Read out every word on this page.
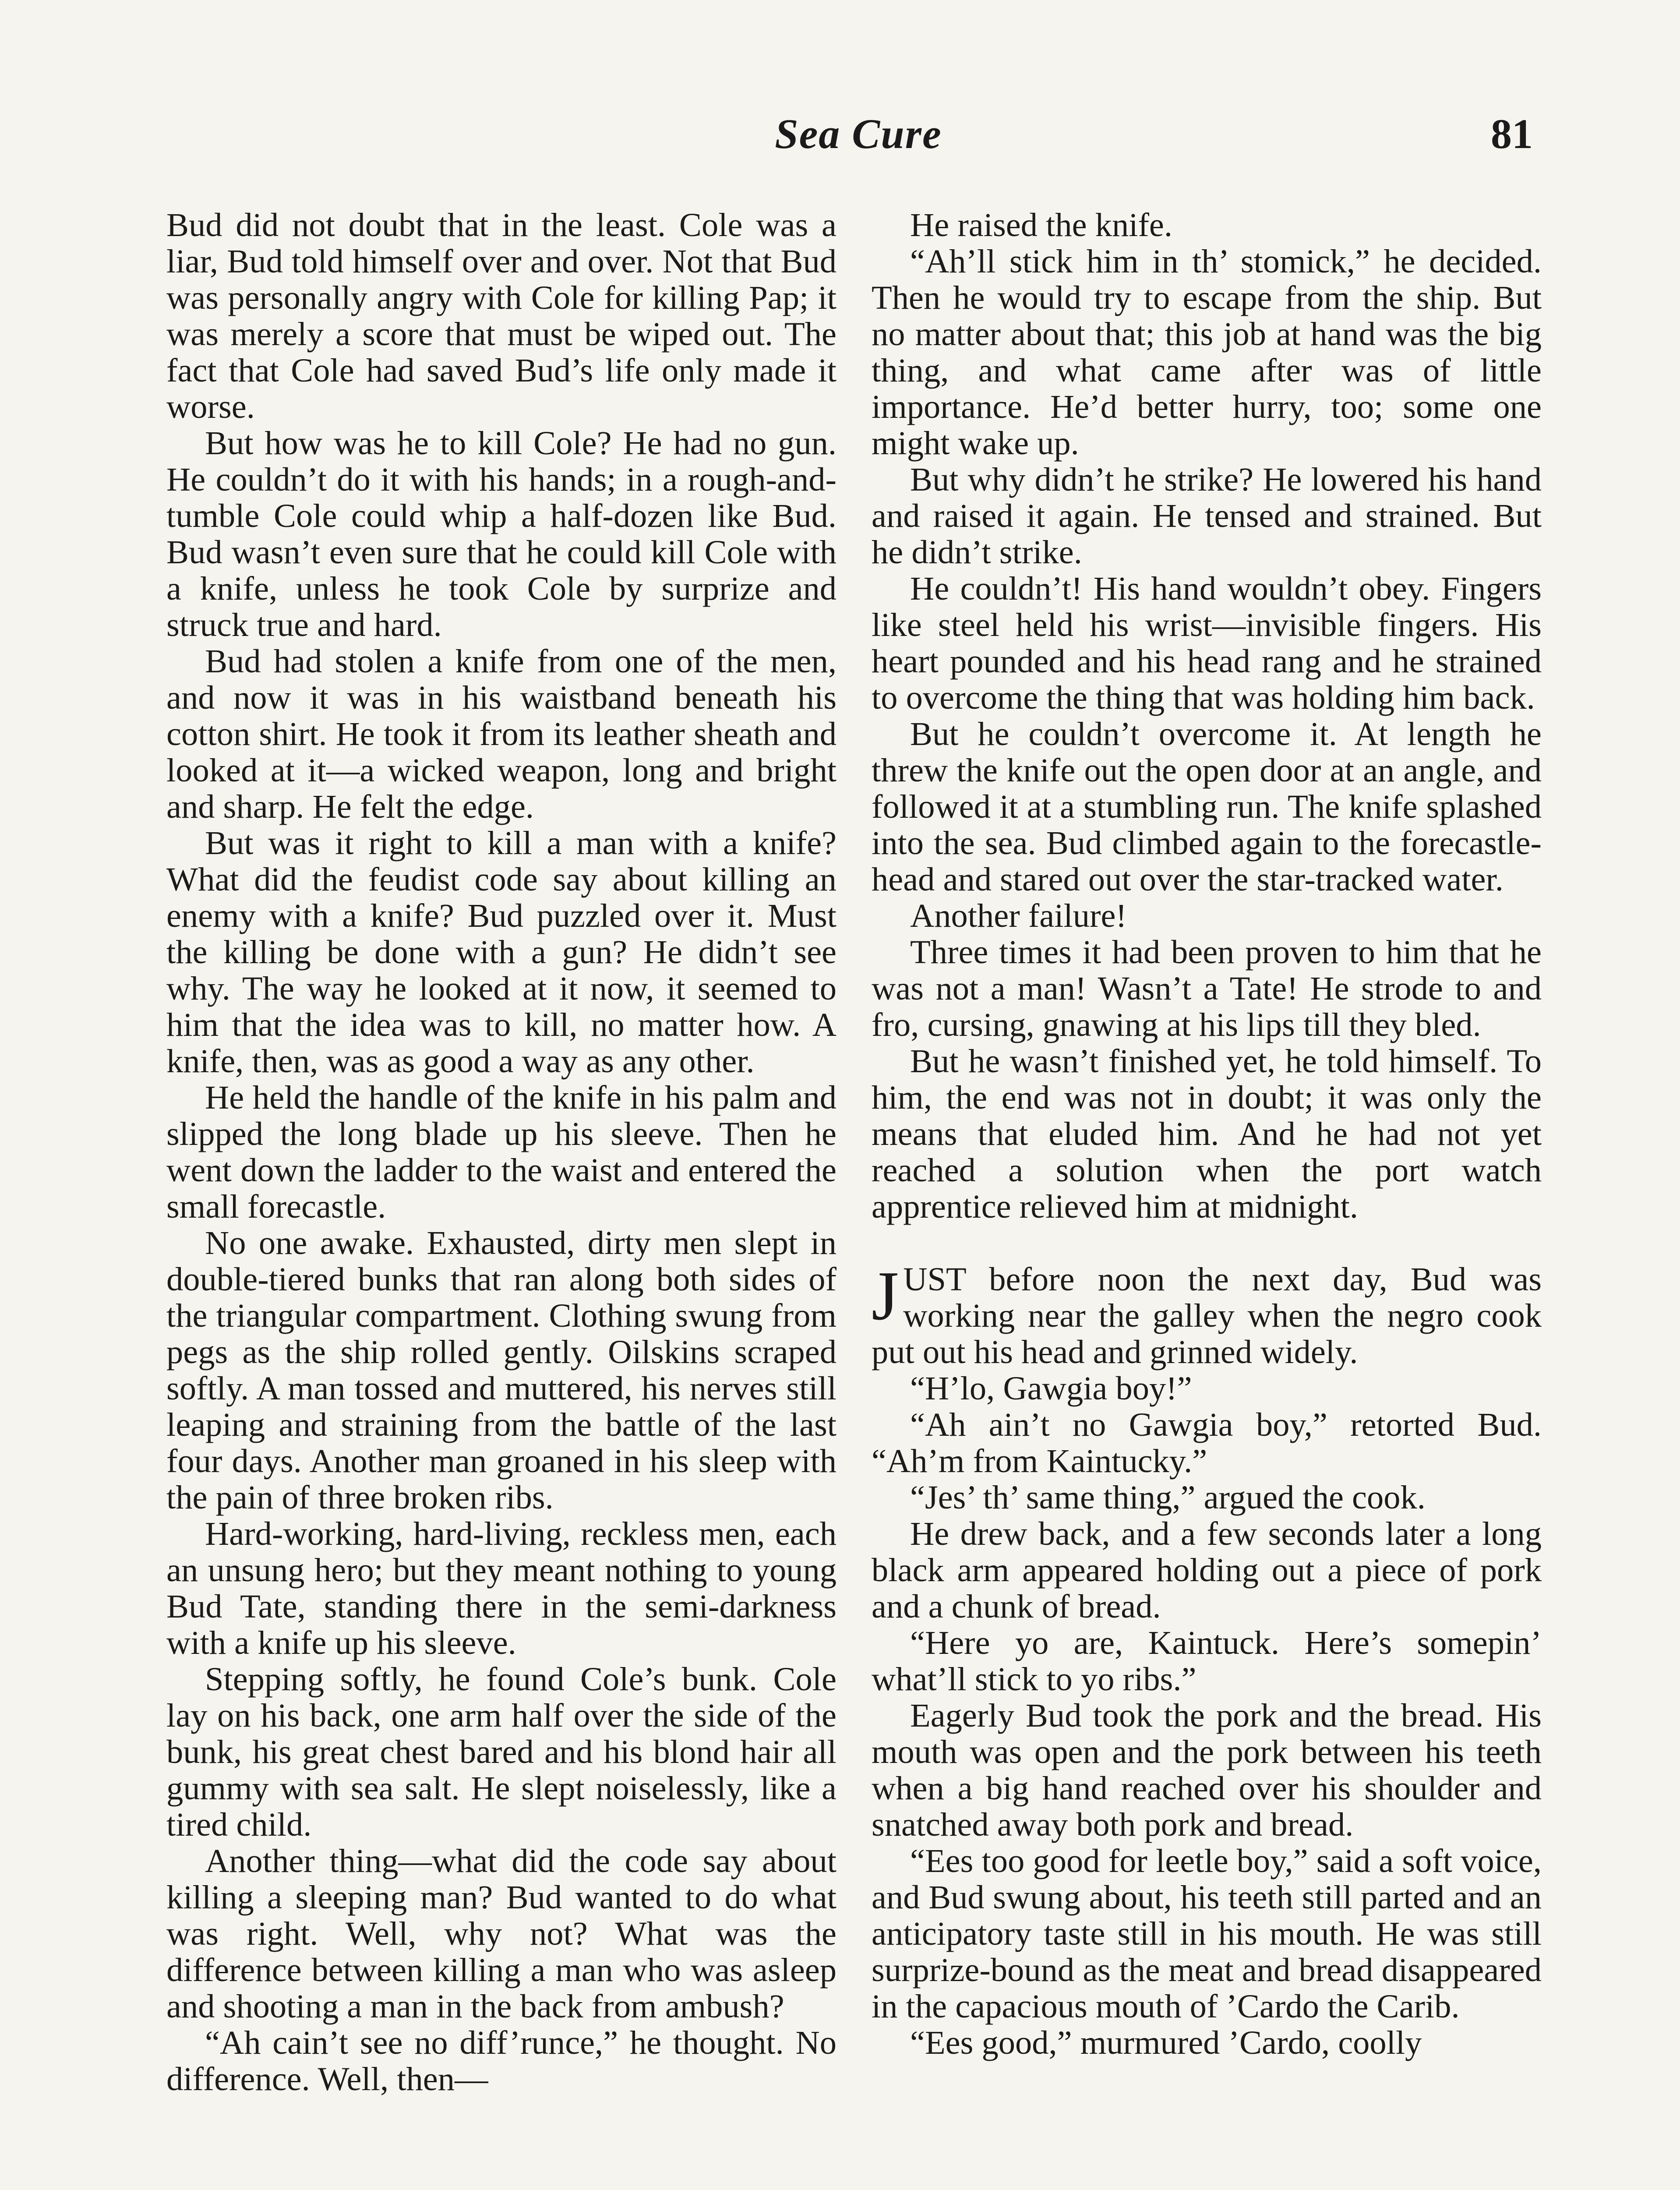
Sea Cure	81

Bud did not doubt that in the least. Cole was a liar, Bud told himself over and over. Not that Bud was personally angry with Cole for killing Pap; it was merely a score that must be wiped out. The fact that Cole had saved Bud’s life only made it worse.

But how was he to kill Cole? He had no gun. He couldn’t do it with his hands; in a rough-and-tumble Cole could whip a half-dozen like Bud. Bud wasn’t even sure that he could kill Cole with a knife, unless he took Cole by surprize and struck true and hard.

Bud had stolen a knife from one of the men, and now it was in his waistband beneath his cotton shirt. He took it from its leather sheath and looked at it—a wicked weapon, long and bright and sharp. He felt the edge.

But was it right to kill a man with a knife? What did the feudist code say about killing an enemy with a knife? Bud puzzled over it. Must the killing be done with a gun? He didn’t see why. The way he looked at it now, it seemed to him that the idea was to kill, no matter how. A knife, then, was as good a way as any other.

He held the handle of the knife in his palm and slipped the long blade up his sleeve. Then he went down the ladder to the waist and entered the small forecastle.

No one awake. Exhausted, dirty men slept in double-tiered bunks that ran along both sides of the triangular compartment. Clothing swung from pegs as the ship rolled gently. Oilskins scraped softly. A man tossed and muttered, his nerves still leaping and straining from the battle of the last four days. Another man groaned in his sleep with the pain of three broken ribs.

Hard-working, hard-living, reckless men, each an unsung hero; but they meant nothing to young Bud Tate, standing there in the semi-darkness with a knife up his sleeve.

Stepping softly, he found Cole’s bunk. Cole lay on his back, one arm half over the side of the bunk, his great chest bared and his blond hair all gummy with sea salt. He slept noiselessly, like a tired child.

Another thing—what did the code say about killing a sleeping man? Bud wanted to do what was right. Well, why not? What was the difference between killing a man who was asleep and shooting a man in the back from ambush?

“Ah cain’t see no diff’runce,” he thought. No difference. Well, then—

He raised the knife.

“Ah’ll stick him in th’ stomick,” he decided. Then he would try to escape from the ship. But no matter about that; this job at hand was the big thing, and what came after was of little importance. He’d better hurry, too; some one might wake up.

But why didn’t he strike? He lowered his hand and raised it again. He tensed and strained. But he didn’t strike.

He couldn’t! His hand wouldn’t obey. Fingers like steel held his wrist—invisible fingers. His heart pounded and his head rang and he strained to overcome the thing that was holding him back.

But he couldn’t overcome it. At length he threw the knife out the open door at an angle, and followed it at a stumbling run. The knife splashed into the sea. Bud climbed again to the forecastle-head and stared out over the star-tracked water.

Another failure!

Three times it had been proven to him that he was not a man! Wasn’t a Tate! He strode to and fro, cursing, gnawing at his lips till they bled.

But he wasn’t finished yet, he told himself. To him, the end was not in doubt; it was only the means that eluded him. And he had not yet reached a solution when the port watch apprentice relieved him at midnight.

JUST before noon the next day, Bud was working near the galley when the negro cook put out his head and grinned widely.

“H’lo, Gawgia boy!”

“Ah ain’t no Gawgia boy,” retorted Bud. “Ah’m from Kaintucky.”

“Jes’ th’ same thing,” argued the cook.

He drew back, and a few seconds later a long black arm appeared holding out a piece of pork and a chunk of bread.

“Here yo are, Kaintuck. Here’s somepin’ what’ll stick to yo ribs.”

Eagerly Bud took the pork and the bread. His mouth was open and the pork between his teeth when a big hand reached over his shoulder and snatched away both pork and bread.

“Ees too good for leetle boy,” said a soft voice, and Bud swung about, his teeth still parted and an anticipatory taste still in his mouth. He was still surprize-bound as the meat and bread disappeared in the capacious mouth of ’Cardo the Carib.

“Ees good,” murmured ’Cardo, coolly
